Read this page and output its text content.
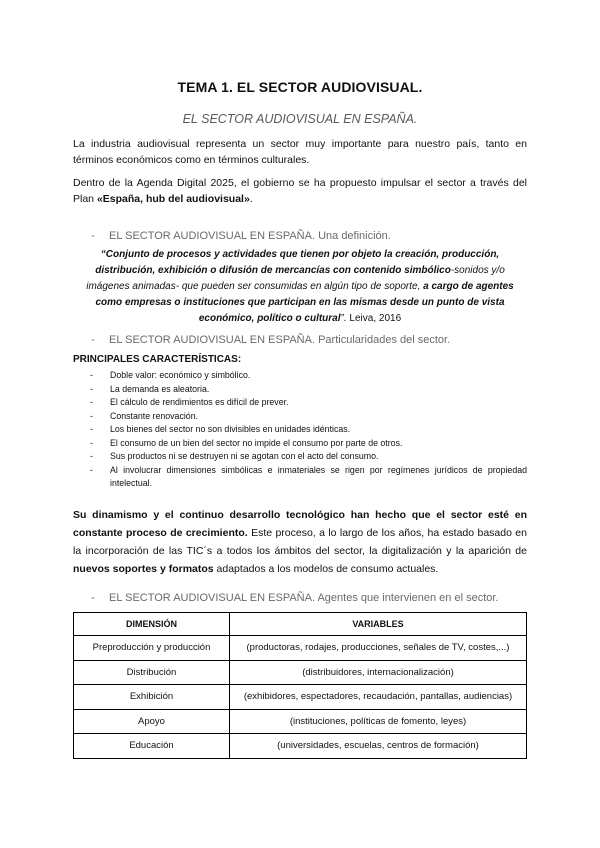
TEMA 1. EL SECTOR AUDIOVISUAL.
EL SECTOR AUDIOVISUAL EN ESPAÑA.
La industria audiovisual representa un sector muy importante para nuestro país, tanto en términos económicos como en términos culturales.
Dentro de la Agenda Digital 2025, el gobierno se ha propuesto impulsar el sector a través del Plan «España, hub del audiovisual».
- EL SECTOR AUDIOVISUAL EN ESPAÑA. Una definición.
“Conjunto de procesos y actividades que tienen por objeto la creación, producción, distribución, exhibición o difusión de mercancías con contenido simbólico-sonidos y/o imágenes animadas- que pueden ser consumidas en algún tipo de soporte, a cargo de agentes como empresas o instituciones que participan en las mismas desde un punto de vista económico, político o cultural”. Leiva, 2016
- EL SECTOR AUDIOVISUAL EN ESPAÑA. Particularidades del sector.
PRINCIPALES CARACTERÍSTICAS:
- Doble valor: económico y simbólico.
- La demanda es aleatoria.
- El cálculo de rendimientos es difícil de prever.
- Constante renovación.
- Los bienes del sector no son divisibles en unidades idénticas.
- El consumo de un bien del sector no impide el consumo por parte de otros.
- Sus productos ni se destruyen ni se agotan con el acto del consumo.
- Al involucrar dimensiones simbólicas e inmateriales se rigen por regímenes jurídicos de propiedad intelectual.
Su dinamismo y el continuo desarrollo tecnológico han hecho que el sector esté en constante proceso de crecimiento. Este proceso, a lo largo de los años, ha estado basado en la incorporación de las TIC´s a todos los ámbitos del sector, la digitalización y la aparición de nuevos soportes y formatos adaptados a los modelos de consumo actuales.
- EL SECTOR AUDIOVISUAL EN ESPAÑA. Agentes que intervienen en el sector.
DIMENSIÓN	VARIABLES
Preproducción y producción	(productoras, rodajes, producciones, señales de TV, costes,...)
Distribución	(distribuidores, internacionalización)
Exhibición	(exhibidores, espectadores, recaudación, pantallas, audiencias)
Apoyo	(instituciones, políticas de fomento, leyes)
Educación	(universidades, escuelas, centros de formación)
